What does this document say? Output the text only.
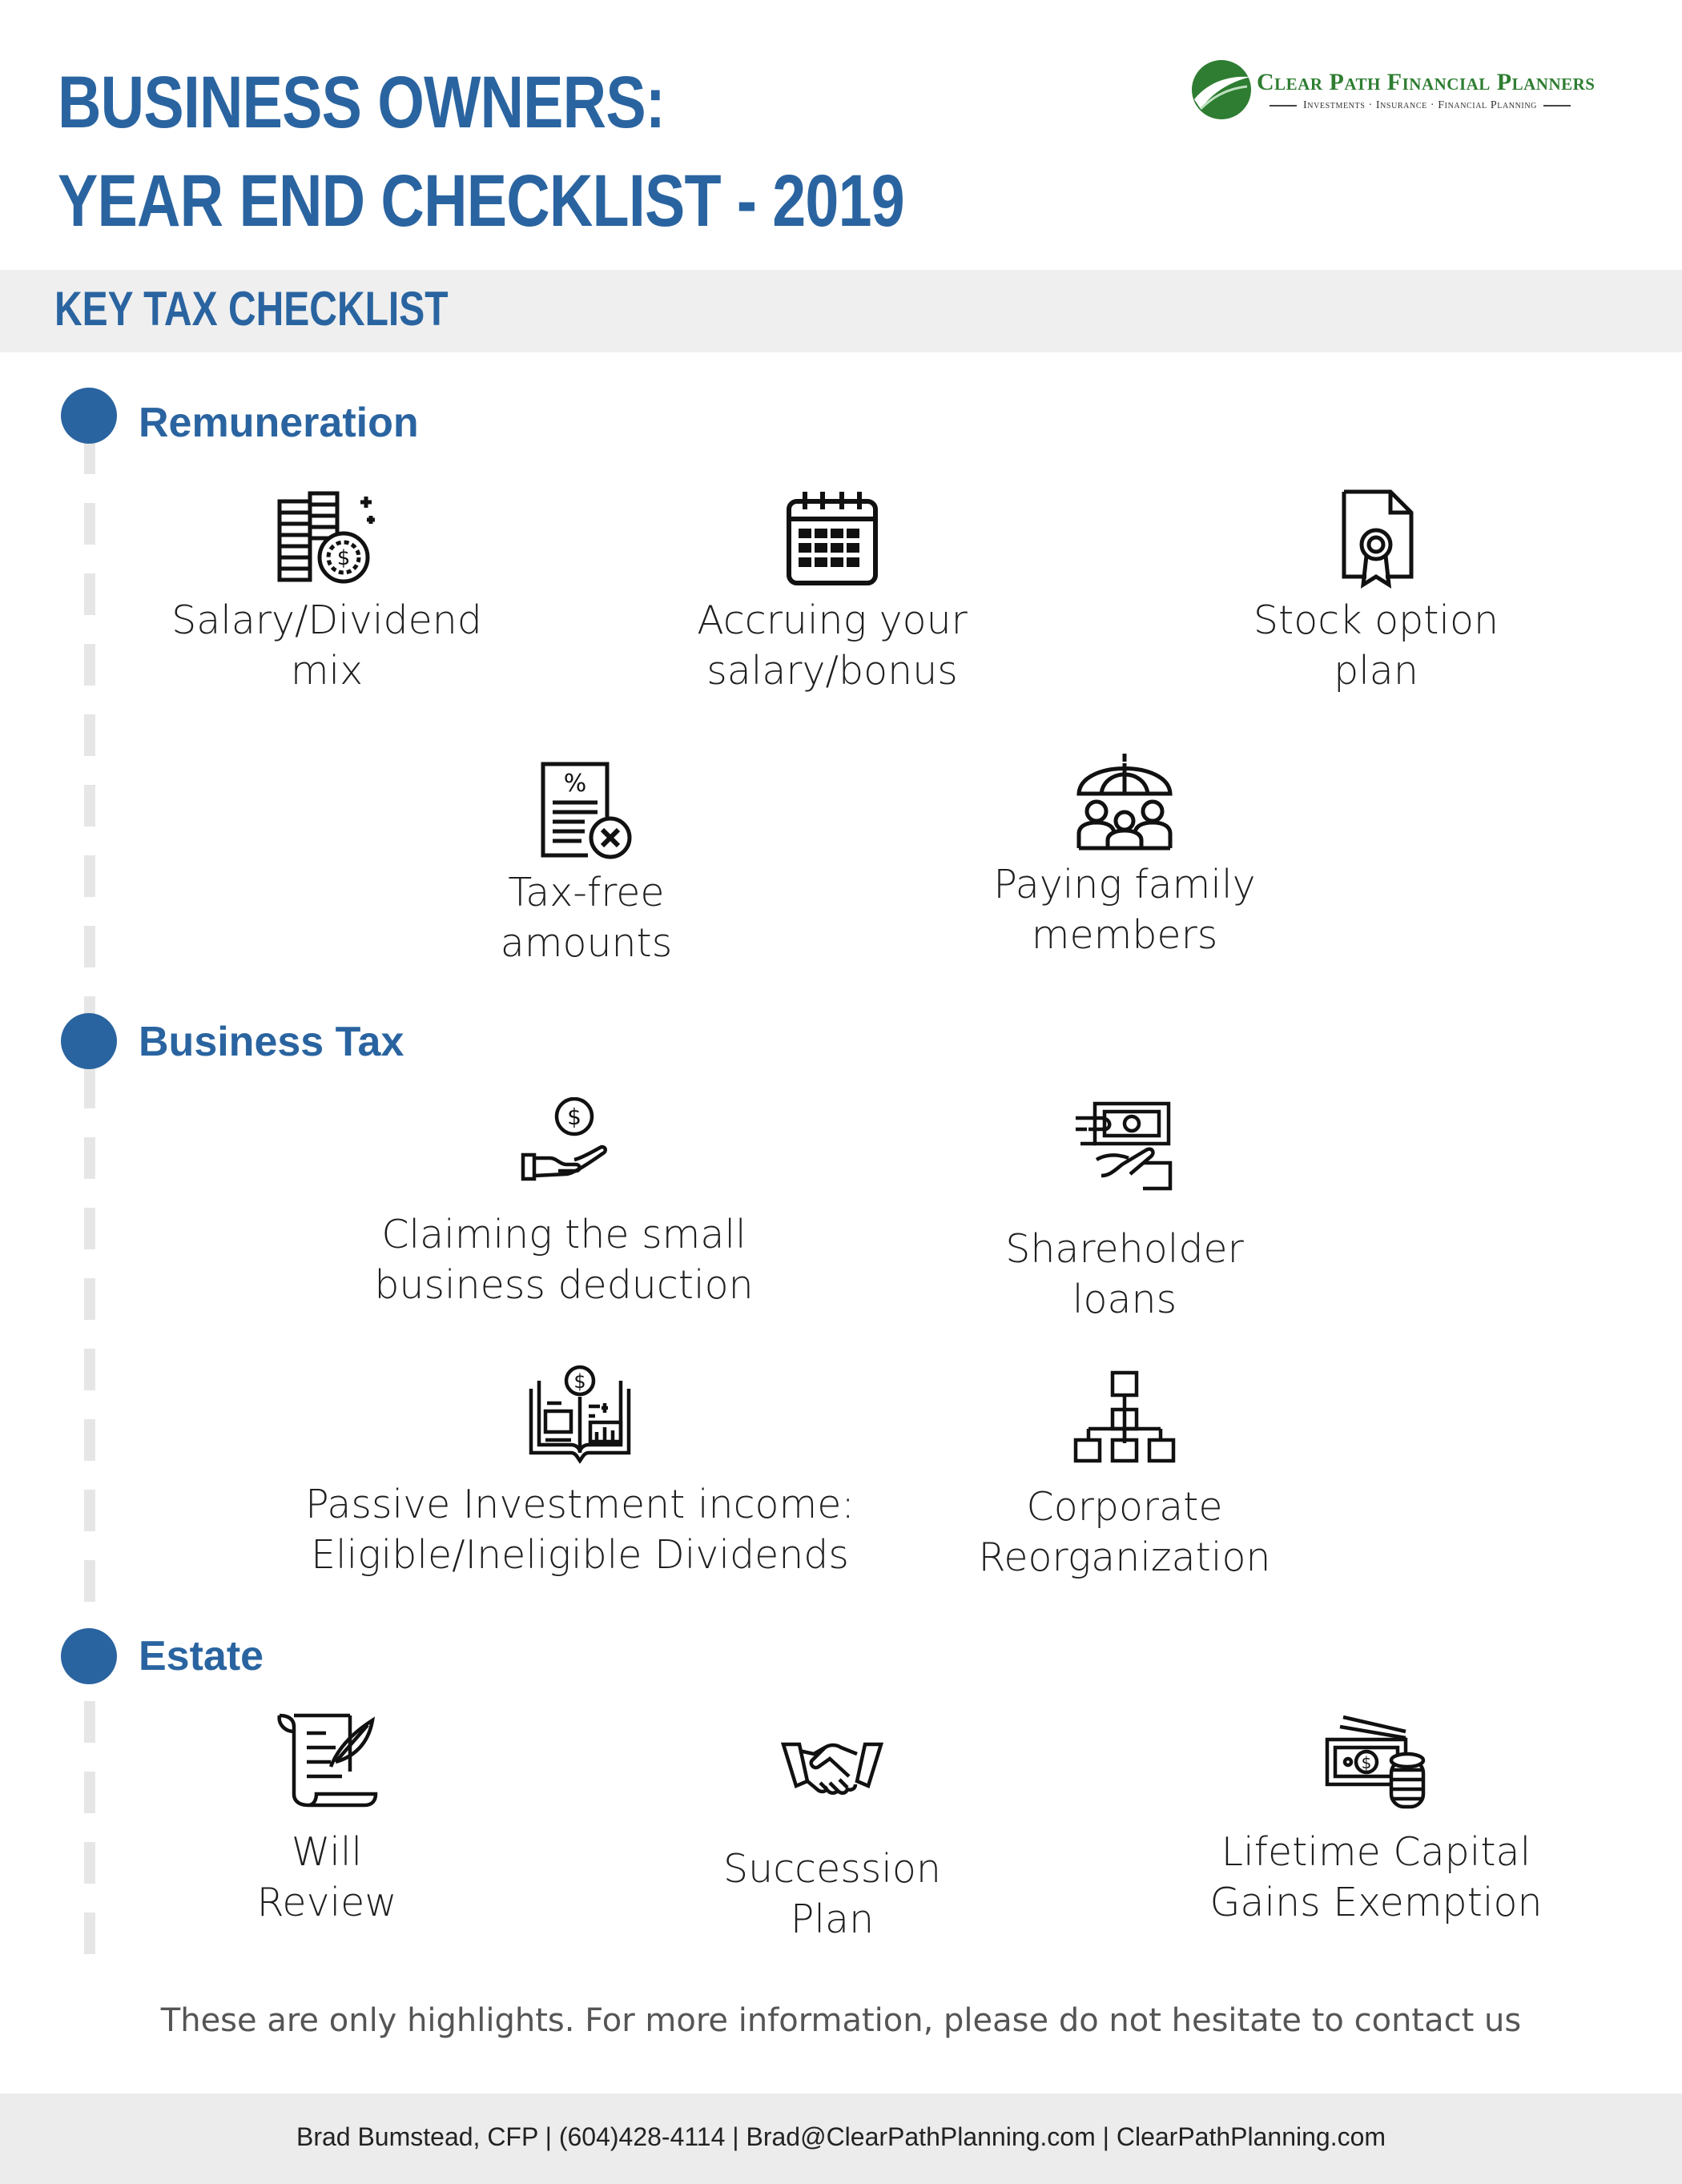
BUSINESS OWNERS:
YEAR END CHECKLIST - 2019
Clear Path Financial Planners
Investments · Insurance · Financial Planning
KEY TAX CHECKLIST
Remuneration
Business Tax
Estate
$
Salary/Dividend
mix
Accruing your
salary/bonus
Stock option
plan
%
Tax-free
amounts
Paying family
members
$
Claiming the small
business deduction
Shareholder
loans
$
Passive Investment income:
Eligible/Ineligible Dividends
Corporate
Reorganization
Will
Review
Succession
Plan
$
Lifetime Capital
Gains Exemption
These are only highlights. For more information, please do not hesitate to contact us
Brad Bumstead, CFP | (604)428-4114 | Brad@ClearPathPlanning.com | ClearPathPlanning.com
